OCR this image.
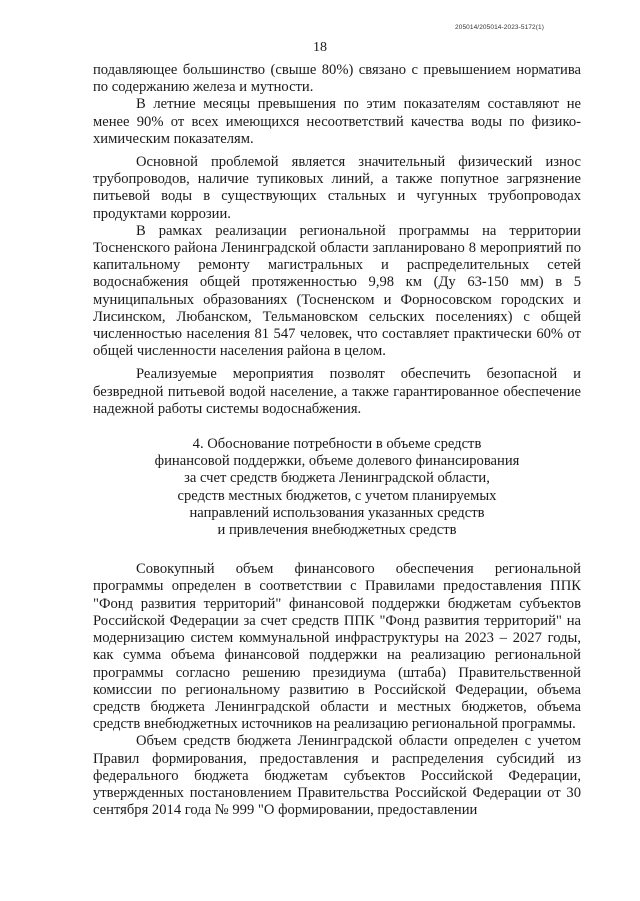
205014/205014-2023-5172(1)
18

подавляющее большинство (свыше 80%) связано с превышением норматива по содержанию железа и мутности.

В летние месяцы превышения по этим показателям составляют не менее 90% от всех имеющихся несоответствий качества воды по физико-химическим показателям.

Основной проблемой является значительный физический износ трубопроводов, наличие тупиковых линий, а также попутное загрязнение питьевой воды в существующих стальных и чугунных трубопроводах продуктами коррозии.

В рамках реализации региональной программы на территории Тосненского района Ленинградской области запланировано 8 мероприятий по капитальному ремонту магистральных и распределительных сетей водоснабжения общей протяженностью 9,98 км (Ду 63-150 мм) в 5 муниципальных образованиях (Тосненском и Форносовском городских и Лисинском, Любанском, Тельмановском сельских поселениях) с общей численностью населения 81 547 человек, что составляет практически 60% от общей численности населения района в целом.

Реализуемые мероприятия позволят обеспечить безопасной и безвредной питьевой водой население, а также гарантированное обеспечение надежной работы системы водоснабжения.

4. Обоснование потребности в объеме средств
финансовой поддержки, объеме долевого финансирования
за счет средств бюджета Ленинградской области,
средств местных бюджетов, с учетом планируемых
направлений использования указанных средств
и привлечения внебюджетных средств

Совокупный объем финансового обеспечения региональной программы определен в соответствии с Правилами предоставления ППК "Фонд развития территорий" финансовой поддержки бюджетам субъектов Российской Федерации за счет средств ППК "Фонд развития территорий" на модернизацию систем коммунальной инфраструктуры на 2023 – 2027 годы, как сумма объема финансовой поддержки на реализацию региональной программы согласно решению президиума (штаба) Правительственной комиссии по региональному развитию в Российской Федерации, объема средств бюджета Ленинградской области и местных бюджетов, объема средств внебюджетных источников на реализацию региональной программы.

Объем средств бюджета Ленинградской области определен с учетом Правил формирования, предоставления и распределения субсидий из федерального бюджета бюджетам субъектов Российской Федерации, утвержденных постановлением Правительства Российской Федерации от 30 сентября 2014 года № 999 "О формировании, предоставлении
